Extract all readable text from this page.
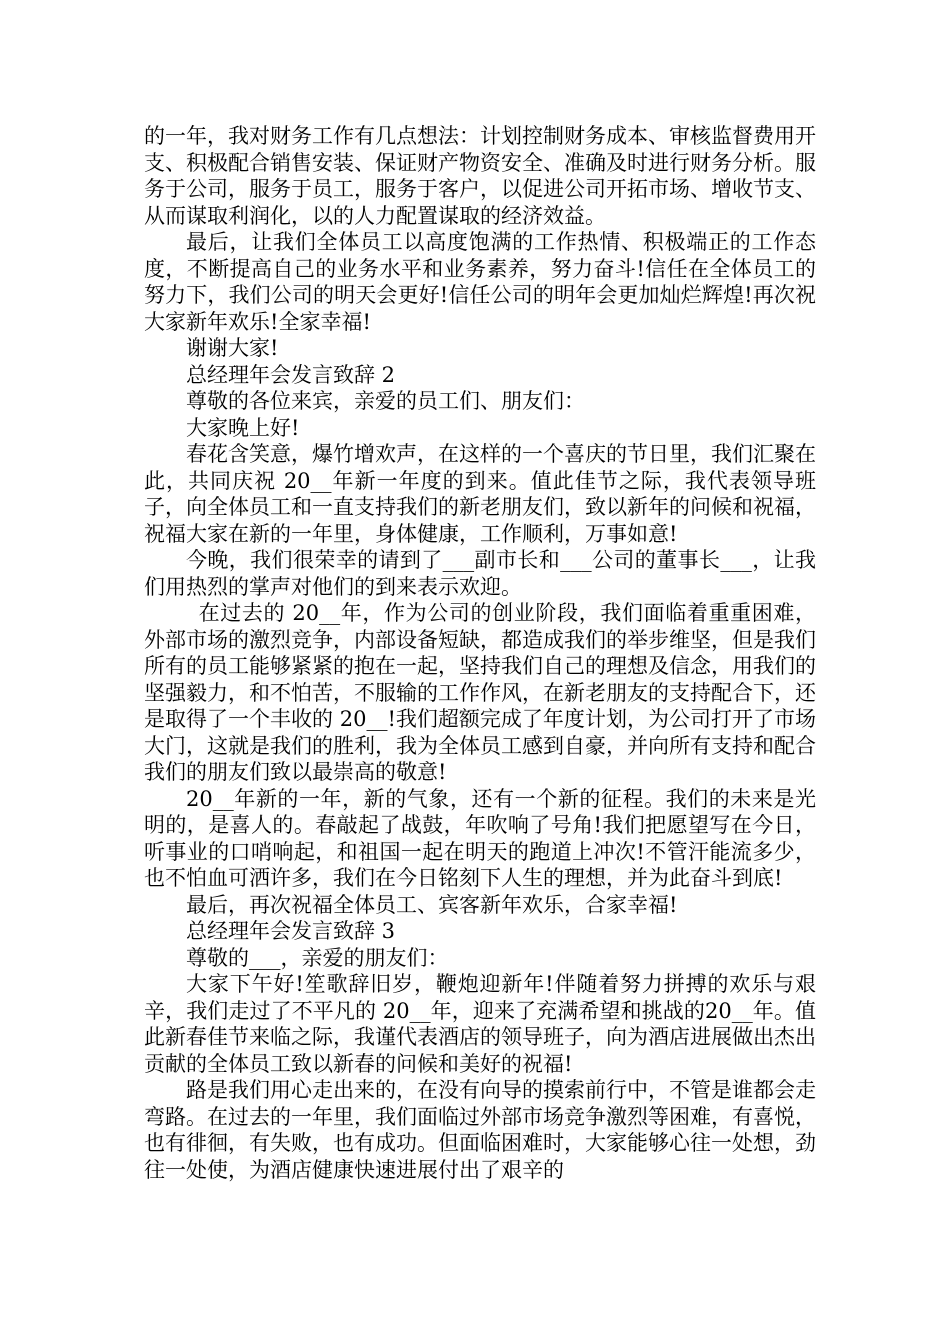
的一年，我对财务工作有几点想法：计划控制财务成本、审核监督费用开支、积极配合销售安装、保证财产物资安全、准确及时进行财务分析。服务于公司，服务于员工，服务于客户，以促进公司开拓市场、增收节支、从而谋取利润化，以的人力配置谋取的经济效益。

最后，让我们全体员工以高度饱满的工作热情、积极端正的工作态度，不断提高自己的业务水平和业务素养，努力奋斗!信任在全体员工的努力下，我们公司的明天会更好!信任公司的明年会更加灿烂辉煌!再次祝大家新年欢乐!全家幸福!

谢谢大家!

总经理年会发言致辞 2

尊敬的各位来宾，亲爱的员工们、朋友们：

大家晚上好!

春花含笑意，爆竹增欢声，在这样的一个喜庆的节日里，我们汇聚在此，共同庆祝 20__年新一年度的到来。值此佳节之际，我代表领导班子，向全体员工和一直支持我们的新老朋友们，致以新年的问候和祝福，祝福大家在新的一年里，身体健康，工作顺利，万事如意!

今晚，我们很荣幸的请到了___副市长和___公司的董事长___，让我们用热烈的掌声对他们的到来表示欢迎。

在过去的 20__年，作为公司的创业阶段，我们面临着重重困难，外部市场的激烈竞争，内部设备短缺，都造成我们的举步维坚，但是我们所有的员工能够紧紧的抱在一起，坚持我们自己的理想及信念，用我们的坚强毅力，和不怕苦，不服输的工作作风，在新老朋友的支持配合下，还是取得了一个丰收的 20__!我们超额完成了年度计划，为公司打开了市场大门，这就是我们的胜利，我为全体员工感到自豪，并向所有支持和配合我们的朋友们致以最崇高的敬意!

20__年新的一年，新的气象，还有一个新的征程。我们的未来是光明的，是喜人的。春敲起了战鼓，年吹响了号角!我们把愿望写在今日，听事业的口哨响起，和祖国一起在明天的跑道上冲次!不管汗能流多少，也不怕血可洒许多，我们在今日铭刻下人生的理想，并为此奋斗到底!

最后，再次祝福全体员工、宾客新年欢乐，合家幸福!

总经理年会发言致辞 3

尊敬的___，亲爱的朋友们：

大家下午好!笙歌辞旧岁，鞭炮迎新年!伴随着努力拼搏的欢乐与艰辛，我们走过了不平凡的 20__年，迎来了充满希望和挑战的20__年。值此新春佳节来临之际，我谨代表酒店的领导班子，向为酒店进展做出杰出贡献的全体员工致以新春的问候和美好的祝福!

路是我们用心走出来的，在没有向导的摸索前行中，不管是谁都会走弯路。在过去的一年里，我们面临过外部市场竞争激烈等困难，有喜悦，也有徘徊，有失败，也有成功。但面临困难时，大家能够心往一处想，劲往一处使，为酒店健康快速进展付出了艰辛的
